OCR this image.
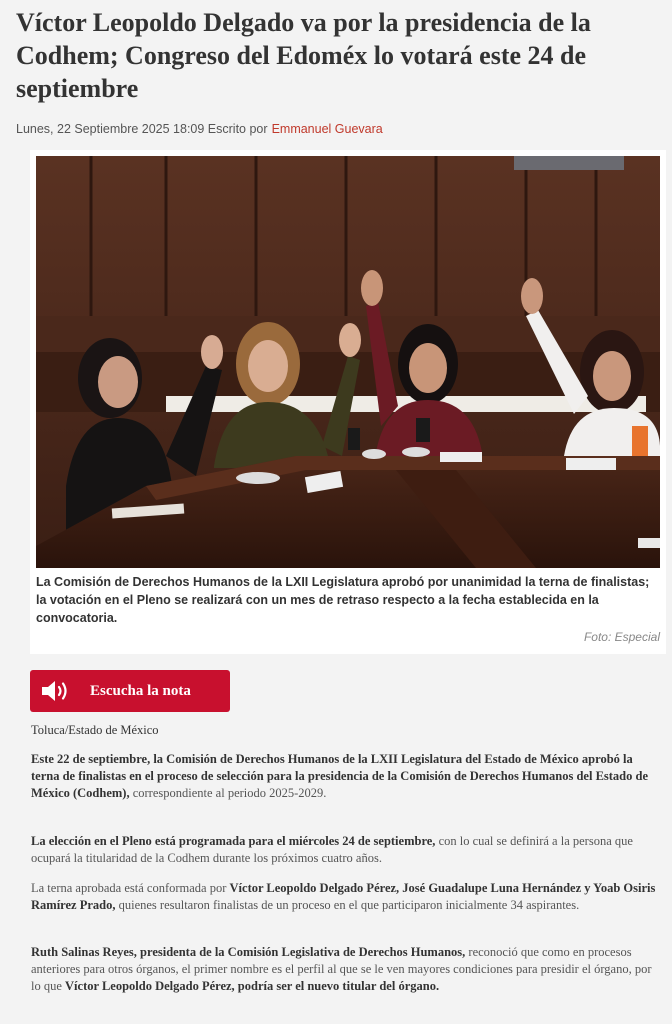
Víctor Leopoldo Delgado va por la presidencia de la Codhem; Congreso del Edoméx lo votará este 24 de septiembre
Lunes, 22 Septiembre 2025 18:09 Escrito por Emmanuel Guevara
La Comisión de Derechos Humanos de la LXII Legislatura aprobó por unanimidad la terna de finalistas; la votación en el Pleno se realizará con un mes de retraso respecto a la fecha establecida en la convocatoria.
Foto: Especial
Escucha la nota
Toluca/Estado de México

Este 22 de septiembre, la Comisión de Derechos Humanos de la LXII Legislatura del Estado de México aprobó la terna de finalistas en el proceso de selección para la presidencia de la Comisión de Derechos Humanos del Estado de México (Codhem), correspondiente al periodo 2025-2029.

La elección en el Pleno está programada para el miércoles 24 de septiembre, con lo cual se definirá a la persona que ocupará la titularidad de la Codhem durante los próximos cuatro años.

La terna aprobada está conformada por Víctor Leopoldo Delgado Pérez, José Guadalupe Luna Hernández y Yoab Osiris Ramírez Prado, quienes resultaron finalistas de un proceso en el que participaron inicialmente 34 aspirantes.

Ruth Salinas Reyes, presidenta de la Comisión Legislativa de Derechos Humanos, reconoció que como en procesos anteriores para otros órganos, el primer nombre es el perfil al que se le ven mayores condiciones para presidir el órgano, por lo que Víctor Leopoldo Delgado Pérez, podría ser el nuevo titular del órgano.
